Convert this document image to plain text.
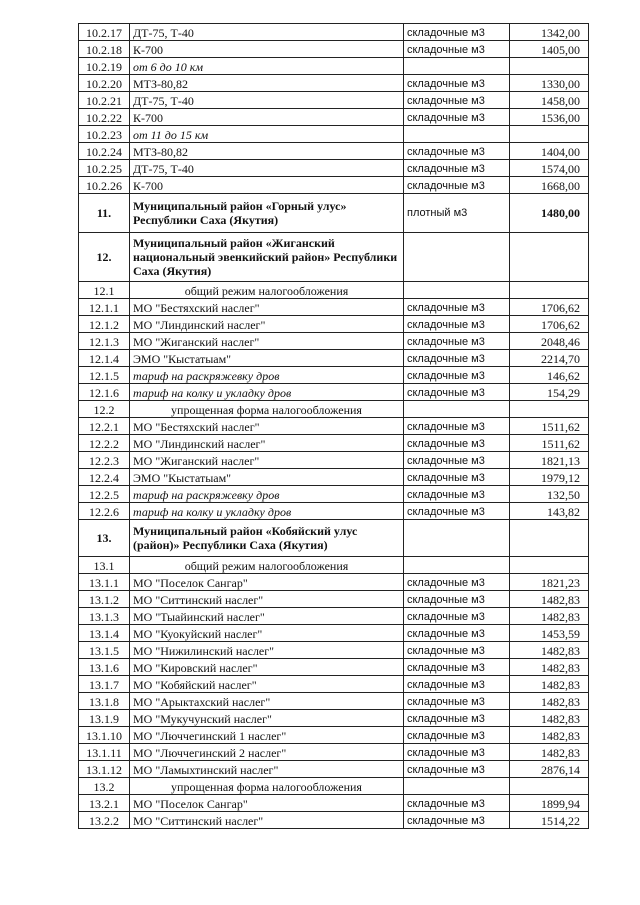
10.2.17	ДТ-75, Т-40	складочные м3	1342,00
10.2.18	К-700	складочные м3	1405,00
10.2.19	от 6 до 10 км		
10.2.20	МТЗ-80,82	складочные м3	1330,00
10.2.21	ДТ-75, Т-40	складочные м3	1458,00
10.2.22	К-700	складочные м3	1536,00
10.2.23	от 11 до 15 км		
10.2.24	МТЗ-80,82	складочные м3	1404,00
10.2.25	ДТ-75, Т-40	складочные м3	1574,00
10.2.26	К-700	складочные м3	1668,00
11.	Муниципальный район «Горный улус» Республики Саха (Якутия)	плотный м3	1480,00
12.	Муниципальный район «Жиганский национальный эвенкийский район» Республики Саха (Якутия)		
12.1	общий режим налогообложения		
12.1.1	МО "Бестяхский наслег"	складочные м3	1706,62
12.1.2	МО "Линдинский наслег"	складочные м3	1706,62
12.1.3	МО "Жиганский наслег"	складочные м3	2048,46
12.1.4	ЭМО "Кыстатыам"	складочные м3	2214,70
12.1.5	тариф на раскряжевку дров	складочные м3	146,62
12.1.6	тариф на колку и укладку дров	складочные м3	154,29
12.2	упрощенная форма налогообложения		
12.2.1	МО "Бестяхский наслег"	складочные м3	1511,62
12.2.2	МО "Линдинский наслег"	складочные м3	1511,62
12.2.3	МО "Жиганский наслег"	складочные м3	1821,13
12.2.4	ЭМО "Кыстатыам"	складочные м3	1979,12
12.2.5	тариф на раскряжевку дров	складочные м3	132,50
12.2.6	тариф на колку и укладку дров	складочные м3	143,82
13.	Муниципальный район «Кобяйский улус (район)» Республики Саха (Якутия)		
13.1	общий режим налогообложения		
13.1.1	МО "Поселок Сангар"	складочные м3	1821,23
13.1.2	МО "Ситтинский наслег"	складочные м3	1482,83
13.1.3	МО "Тыайинский наслег"	складочные м3	1482,83
13.1.4	МО "Куокуйский наслег"	складочные м3	1453,59
13.1.5	МО "Нижилинский наслег"	складочные м3	1482,83
13.1.6	МО "Кировский наслег"	складочные м3	1482,83
13.1.7	МО "Кобяйский наслег"	складочные м3	1482,83
13.1.8	МО "Арыктахский наслег"	складочные м3	1482,83
13.1.9	МО "Мукучунский наслег"	складочные м3	1482,83
13.1.10	МО "Люччегинский 1 наслег"	складочные м3	1482,83
13.1.11	МО "Люччегинский 2 наслег"	складочные м3	1482,83
13.1.12	МО "Ламыхтинский наслег"	складочные м3	2876,14
13.2	упрощенная форма налогообложения		
13.2.1	МО "Поселок Сангар"	складочные м3	1899,94
13.2.2	МО "Ситтинский наслег"	складочные м3	1514,22
